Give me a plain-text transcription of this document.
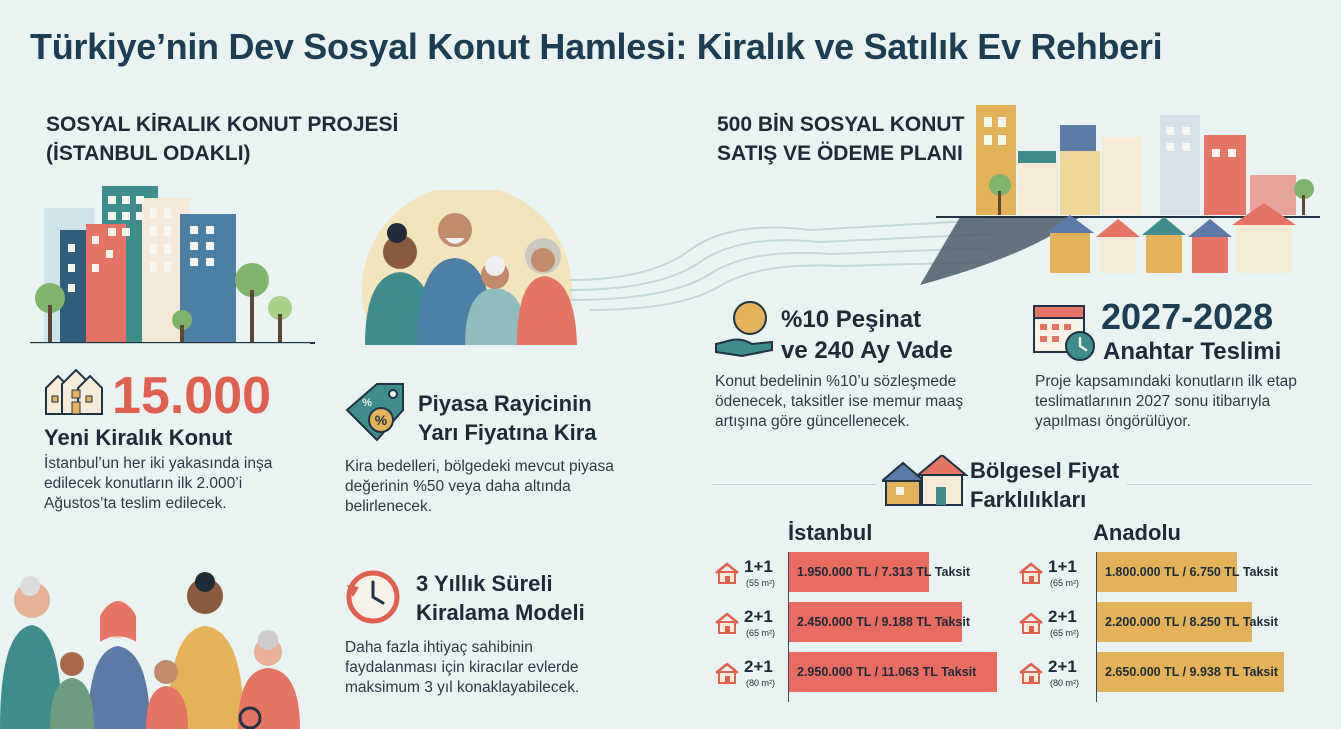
Türkiye’nin Dev Sosyal Konut Hamlesi: Kiralık ve Satılık Ev Rehberi
SOSYAL KİRALIK KONUT PROJESİ
(İSTANBUL ODAKLI)
15.000
Yeni Kiralık Konut
İstanbul’un her iki yakasında inşa edilecek konutların ilk 2.000’i Ağustos’ta teslim edilecek.
%
% Piyasa Rayicinin
Yarı Fiyatına Kira
Kira bedelleri, bölgedeki mevcut piyasa değerinin %50 veya daha altında belirlenecek.
3 Yıllık Süreli
Kiralama Modeli
Daha fazla ihtiyaç sahibinin faydalanması için kiracılar evlerde maksimum 3 yıl konaklayabilecek.
500 BİN SOSYAL KONUT
SATIŞ VE ÖDEME PLANI
%10 Peşinat
ve 240 Ay Vade
Konut bedelinin %10’u sözleşmede ödenecek, taksitler ise memur maaş artışına göre güncellenecek.
2027-2028
Anahtar Teslimi
Proje kapsamındaki konutların ilk etap teslimatlarının 2027 sonu itibarıyla yapılması öngörülüyor.
Bölgesel Fiyat
Farklılıkları
İstanbul	Anadolu
1+1
(55 m²)
1.950.000 TL / 7.313 TL Taksit
2+1
(65 m²)
2.450.000 TL / 9.188 TL Taksit
2+1
(80 m²)
2.950.000 TL / 11.063 TL Taksit
1+1
(65 m²)
1.800.000 TL / 6.750 TL Taksit
2+1
(65 m²)
2.200.000 TL / 8.250 TL Taksit
2+1
(80 m²)
2.650.000 TL / 9.938 TL Taksit
